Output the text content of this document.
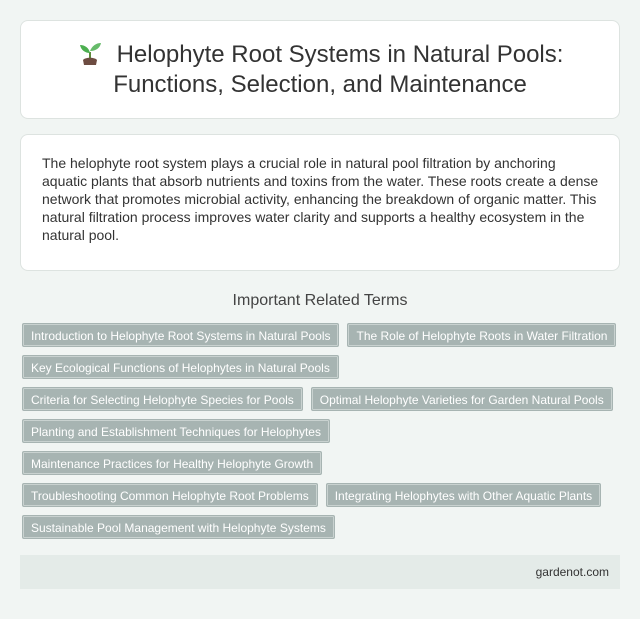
Helophyte Root Systems in Natural Pools: Functions, Selection, and Maintenance

The helophyte root system plays a crucial role in natural pool filtration by anchoring aquatic plants that absorb nutrients and toxins from the water. These roots create a dense network that promotes microbial activity, enhancing the breakdown of organic matter. This natural filtration process improves water clarity and supports a healthy ecosystem in the natural pool.

Important Related Terms
Introduction to Helophyte Root Systems in Natural Pools	The Role of Helophyte Roots in Water Filtration
Key Ecological Functions of Helophytes in Natural Pools
Criteria for Selecting Helophyte Species for Pools	Optimal Helophyte Varieties for Garden Natural Pools
Planting and Establishment Techniques for Helophytes
Maintenance Practices for Healthy Helophyte Growth
Troubleshooting Common Helophyte Root Problems	Integrating Helophytes with Other Aquatic Plants
Sustainable Pool Management with Helophyte Systems
gardenot.com
